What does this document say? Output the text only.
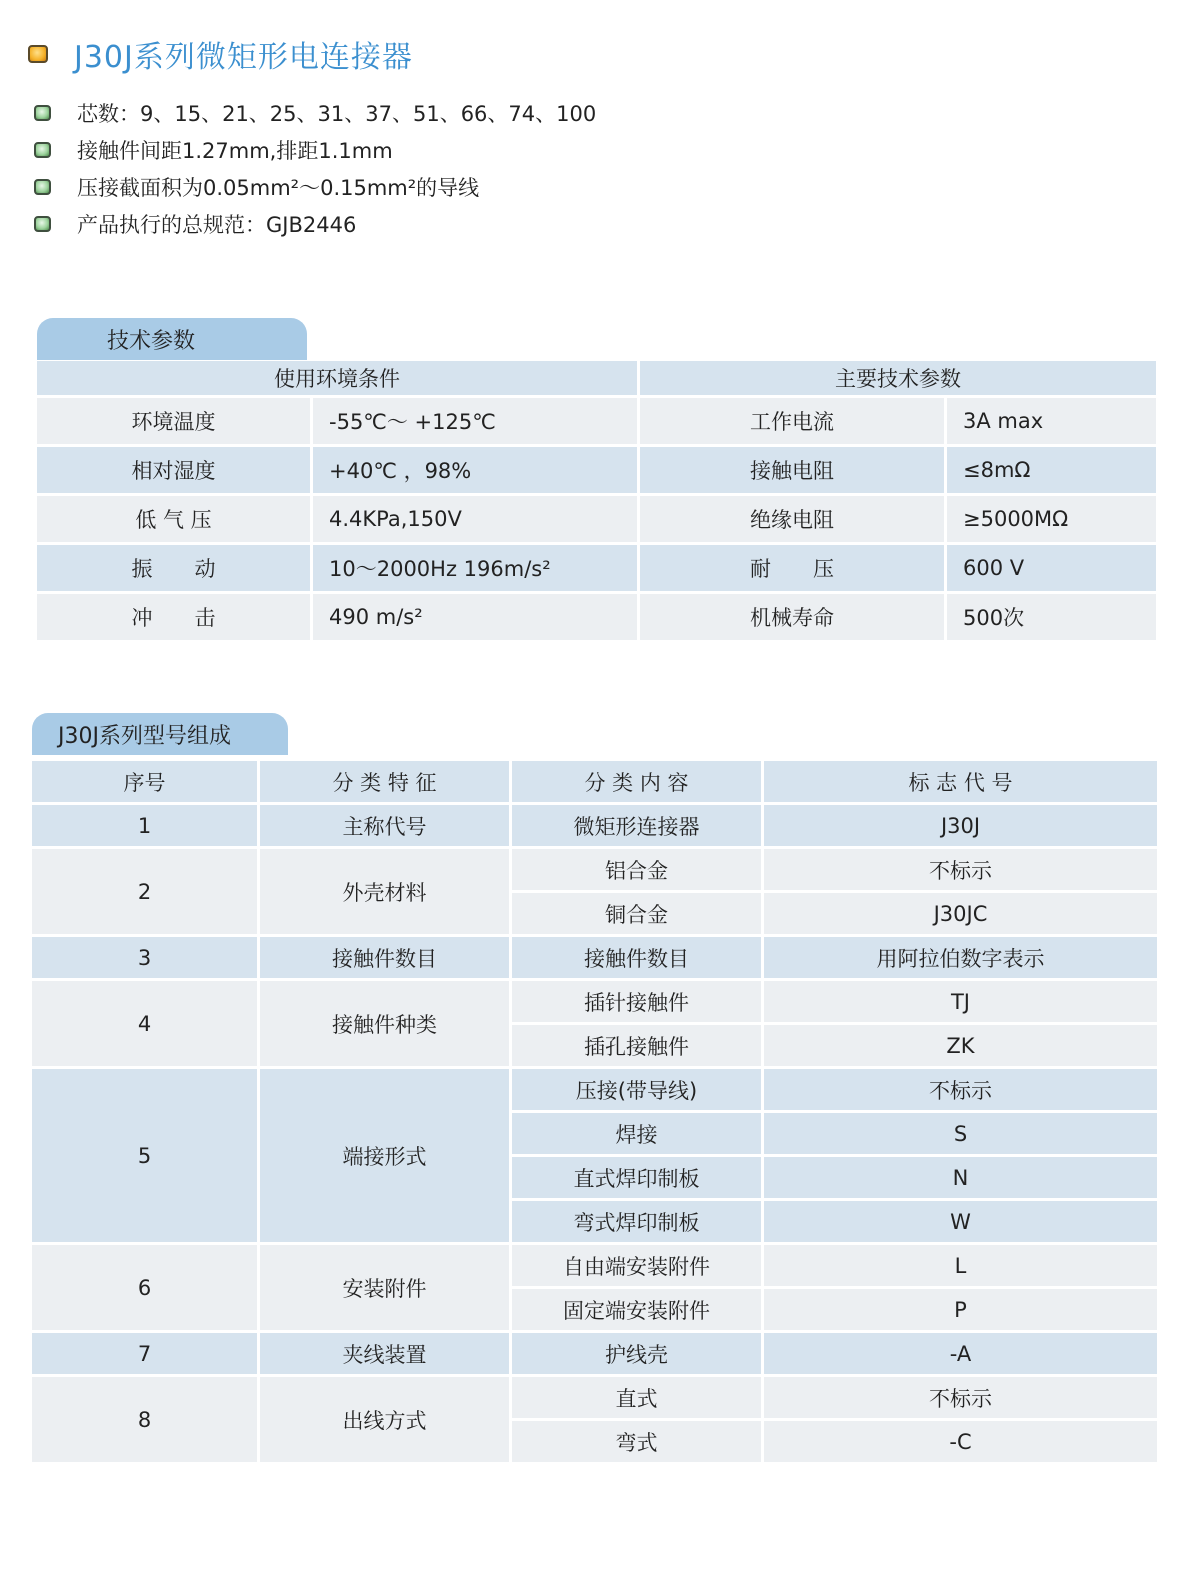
J30J系列微矩形电连接器
芯数：9、15、21、25、31、37、51、66、74、100
接触件间距1.27mm,排距1.1mm
压接截面积为0.05mm²～0.15mm²的导线
产品执行的总规范：GJB2446
技术参数
使用环境条件		主要技术参数	
环境温度	-55℃～ +125℃	工作电流	3A max
相对湿度	+40℃ ，98%	接触电阻	≤8mΩ
低 气 压	4.4KPa,150V	绝缘电阻	≥5000MΩ
振　　动	10～2000Hz 196m/s²	耐　　压	600 V
冲　　击	490 m/s²	机械寿命	500次
J30J系列型号组成
序号	分 类 特 征	分 类 内 容	标 志 代 号
1	主称代号	微矩形连接器	J30J
2	外壳材料	铝合金	不标示
		铜合金	J30JC
3	接触件数目	接触件数目	用阿拉伯数字表示
4	接触件种类	插针接触件	TJ
		插孔接触件	ZK
5	端接形式	压接(带导线)	不标示
		焊接	S
		直式焊印制板	N
		弯式焊印制板	W
6	安装附件	自由端安装附件	L
		固定端安装附件	P
7	夹线装置	护线壳	-A
8	出线方式	直式	不标示
		弯式	-C
